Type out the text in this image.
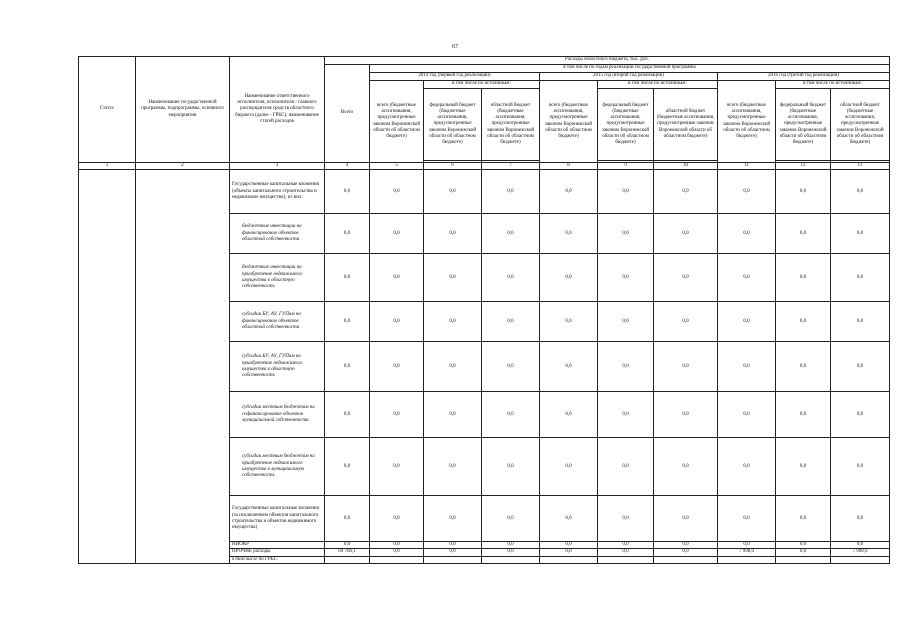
67
Статус	Наименование государственной программы, подпрограммы, основного мероприятия	Наименование ответственного исполнителя, исполнителя - главного распорядителя средств областного бюджета (далее - ГРБС), наименование статей расходов	Расходы областного бюджета, тыс. руб.									
			Всего	в том числе по годам реализации государственной программы								
				2014 год (первый год реализации)			2015 год (второй год реализации)			2016 год (третий год реализации)		
				всего (бюджетные ассигнования, предусмотренные законом Воронежской области об областном бюджете)	в том числе по источникам:		всего (бюджетные ассигнования, предусмотренные законом Воронежской области об областном бюджете)	в том числе по источникам:		всего (бюджетные ассигнования, предусмотренные законом Воронежской области об областном бюджете)	в том числе по источникам:	
					федеральный бюджет (бюджетные ассигнования, предусмотренные законом Воронежской области об областном бюджете)	областной бюджет (бюджетные ассигнования, предусмотренные законом Воронежской области об областном бюджете)		федеральный бюджет (бюджетные ассигнования, предусмотренные законом Воронежской области об областном бюджете)	областной бюджет (бюджетные ассигнования, предусмотренные законом Воронежской области об областном бюджете)		федеральный бюджет (бюджетные ассигнования, предусмотренные законом Воронежской области об областном бюджете)	областной бюджет (бюджетные ассигнования, предусмотренные законом Воронежской области об областном бюджете)

1	2	3	4	5	6	7	8	9	10	11	12	13
		Государственные капитальные вложения (объекты капитального строительства и недвижимое имущество), из них:	0,0	0,0	0,0	0,0	0,0	0,0	0,0	0,0	0,0	0,0
		бюджетные инвестиции на финансирование объектов областной собственности	0,0	0,0	0,0	0,0	0,0	0,0	0,0	0,0	0,0	0,0
		бюджетные инвестиции на приобретение недвижимого имущества в областную собственность	0,0	0,0	0,0	0,0	0,0	0,0	0,0	0,0	0,0	0,0
		субсидии БУ, АУ, ГУПам на финансирование объектов областной собственности	0,0	0,0	0,0	0,0	0,0	0,0	0,0	0,0	0,0	0,0
		субсидии БУ, АУ, ГУПам на приобретение недвижимого имущества в областную собственность	0,0	0,0	0,0	0,0	0,0	0,0	0,0	0,0	0,0	0,0
		субсидии местным бюджетам на софинансирование объектов муниципальной собственности	0,0	0,0	0,0	0,0	0,0	0,0	0,0	0,0	0,0	0,0
		субсидии местным бюджетам на приобретение недвижимого имущества в муниципальную собственность	0,0	0,0	0,0	0,0	0,0	0,0	0,0	0,0	0,0	0,0
		Государственные капитальные вложения (за исключением объектов капитального строительства и объектов недвижимого имущества)	0,0	0,0	0,0	0,0	0,0	0,0	0,0	0,0	0,0	0,0
		НИОКР	0,0	0,0	0,0	0,0	0,0	0,0	0,0	0,0	0,0	0,0
		ПРОЧИЕ расходы	69 766,1	0,0	0,0	0,0	0,0	0,0	0,0	7 998,0	0,0	7 998,0
		в том числе по ГРБС:										
